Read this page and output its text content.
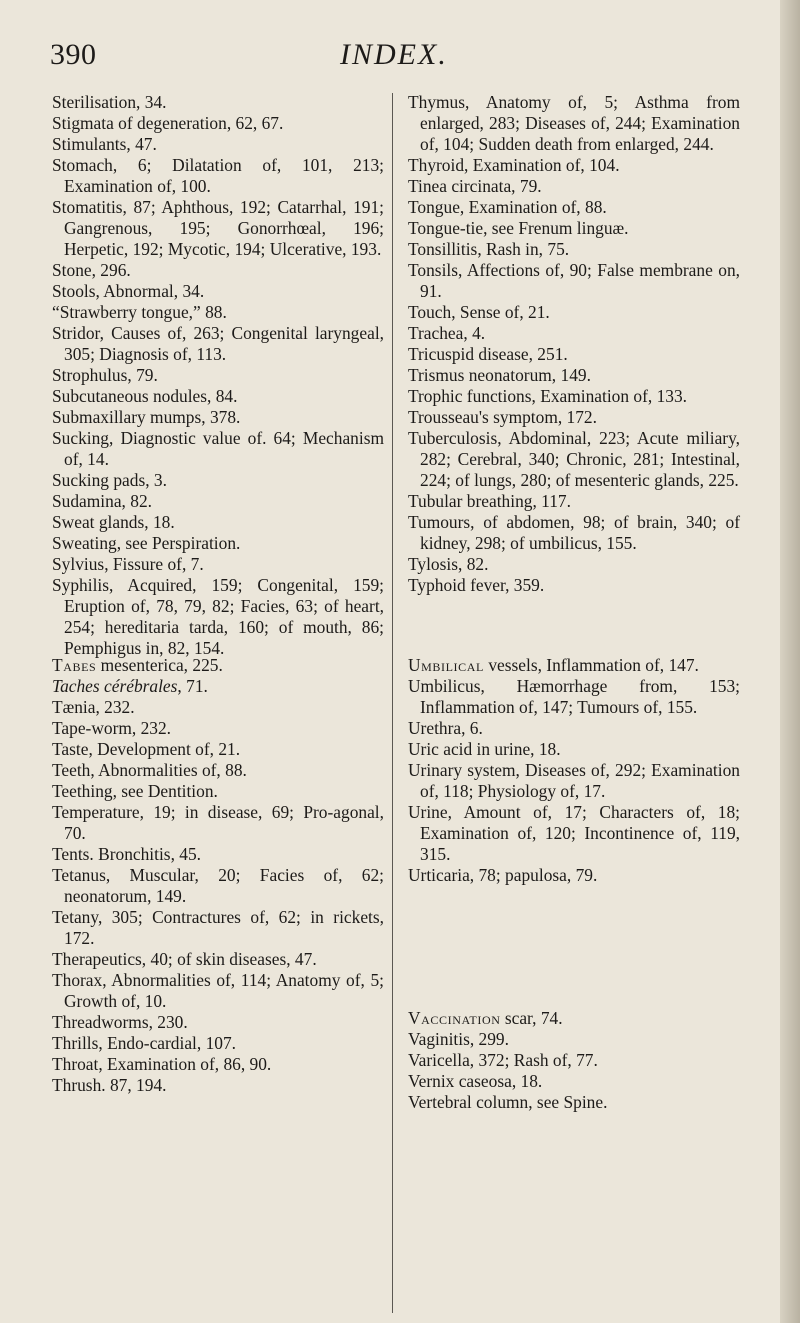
390	INDEX.

Sterilisation, 34.

Stigmata of degeneration, 62, 67.

Stimulants, 47.

Stomach, 6; Dilatation of, 101, 213; Examination of, 100.

Stomatitis, 87; Aphthous, 192; Catarrhal, 191; Gangrenous, 195; Gonorrhœal, 196; Herpetic, 192; Mycotic, 194; Ulcerative, 193.

Stone, 296.

Stools, Abnormal, 34.

“Strawberry tongue,” 88.

Stridor, Causes of, 263; Congenital laryngeal, 305; Diagnosis of, 113.

Strophulus, 79.

Subcutaneous nodules, 84.

Submaxillary mumps, 378.

Sucking, Diagnostic value of. 64; Mechanism of, 14.

Sucking pads, 3.

Sudamina, 82.

Sweat glands, 18.

Sweating, see Perspiration.

Sylvius, Fissure of, 7.

Syphilis, Acquired, 159; Congenital, 159; Eruption of, 78, 79, 82; Facies, 63; of heart, 254; hereditaria tarda, 160; of mouth, 86; Pemphigus in, 82, 154.

Tabes mesenterica, 225.

Taches cérébrales, 71.

Tænia, 232.

Tape-worm, 232.

Taste, Development of, 21.

Teeth, Abnormalities of, 88.

Teething, see Dentition.

Temperature, 19; in disease, 69; Pro-agonal, 70.

Tents. Bronchitis, 45.

Tetanus, Muscular, 20; Facies of, 62; neonatorum, 149.

Tetany, 305; Contractures of, 62; in rickets, 172.

Therapeutics, 40; of skin diseases, 47.

Thorax, Abnormalities of, 114; Anatomy of, 5; Growth of, 10.

Threadworms, 230.

Thrills, Endo-cardial, 107.

Throat, Examination of, 86, 90.

Thrush. 87, 194.

Thymus, Anatomy of, 5; Asthma from enlarged, 283; Diseases of, 244; Examination of, 104; Sudden death from enlarged, 244.

Thyroid, Examination of, 104.

Tinea circinata, 79.

Tongue, Examination of, 88.

Tongue-tie, see Frenum linguæ.

Tonsillitis, Rash in, 75.

Tonsils, Affections of, 90; False membrane on, 91.

Touch, Sense of, 21.

Trachea, 4.

Tricuspid disease, 251.

Trismus neonatorum, 149.

Trophic functions, Examination of, 133.

Trousseau's symptom, 172.

Tuberculosis, Abdominal, 223; Acute miliary, 282; Cerebral, 340; Chronic, 281; Intestinal, 224; of lungs, 280; of mesenteric glands, 225.

Tubular breathing, 117.

Tumours, of abdomen, 98; of brain, 340; of kidney, 298; of umbilicus, 155.

Tylosis, 82.

Typhoid fever, 359.

Umbilical vessels, Inflammation of, 147.

Umbilicus, Hæmorrhage from, 153; Inflammation of, 147; Tumours of, 155.

Urethra, 6.

Uric acid in urine, 18.

Urinary system, Diseases of, 292; Examination of, 118; Physiology of, 17.

Urine, Amount of, 17; Characters of, 18; Examination of, 120; Incontinence of, 119, 315.

Urticaria, 78; papulosa, 79.

Vaccination scar, 74.

Vaginitis, 299.

Varicella, 372; Rash of, 77.

Vernix caseosa, 18.

Vertebral column, see Spine.
